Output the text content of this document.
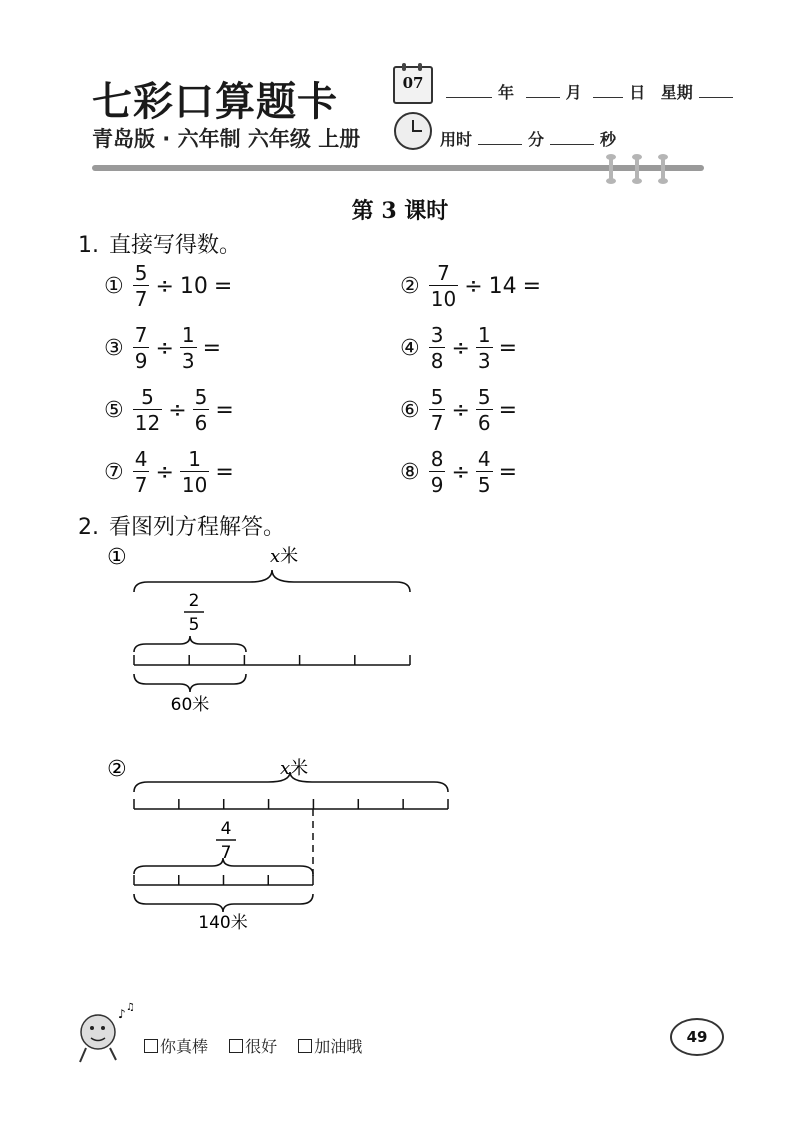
七彩口算题卡
青岛版 · 六年制 六年级 上册
07	年	月	日 星期
用时	分	秒
第 3 课时
1. 直接写得数。
① $\frac{5}{7} \div 10$ =	② $\frac{7}{10} \div 14$ =
③ $\frac{7}{9} \div \frac{1}{3}$ =	④ $\frac{3}{8} \div \frac{1}{3}$ =
⑤ $\frac{5}{12} \div \frac{5}{6}$ =	⑥ $\frac{5}{7} \div \frac{5}{6}$ =
⑦ $\frac{4}{7} \div \frac{1}{10}$ =	⑧ $\frac{8}{9} \div \frac{4}{5}$ =
2. 看图列方程解答。
①	x米
2
5
60米
②	x米
4
7
140米
♪ ♫
你真棒 很好 加油哦	49
